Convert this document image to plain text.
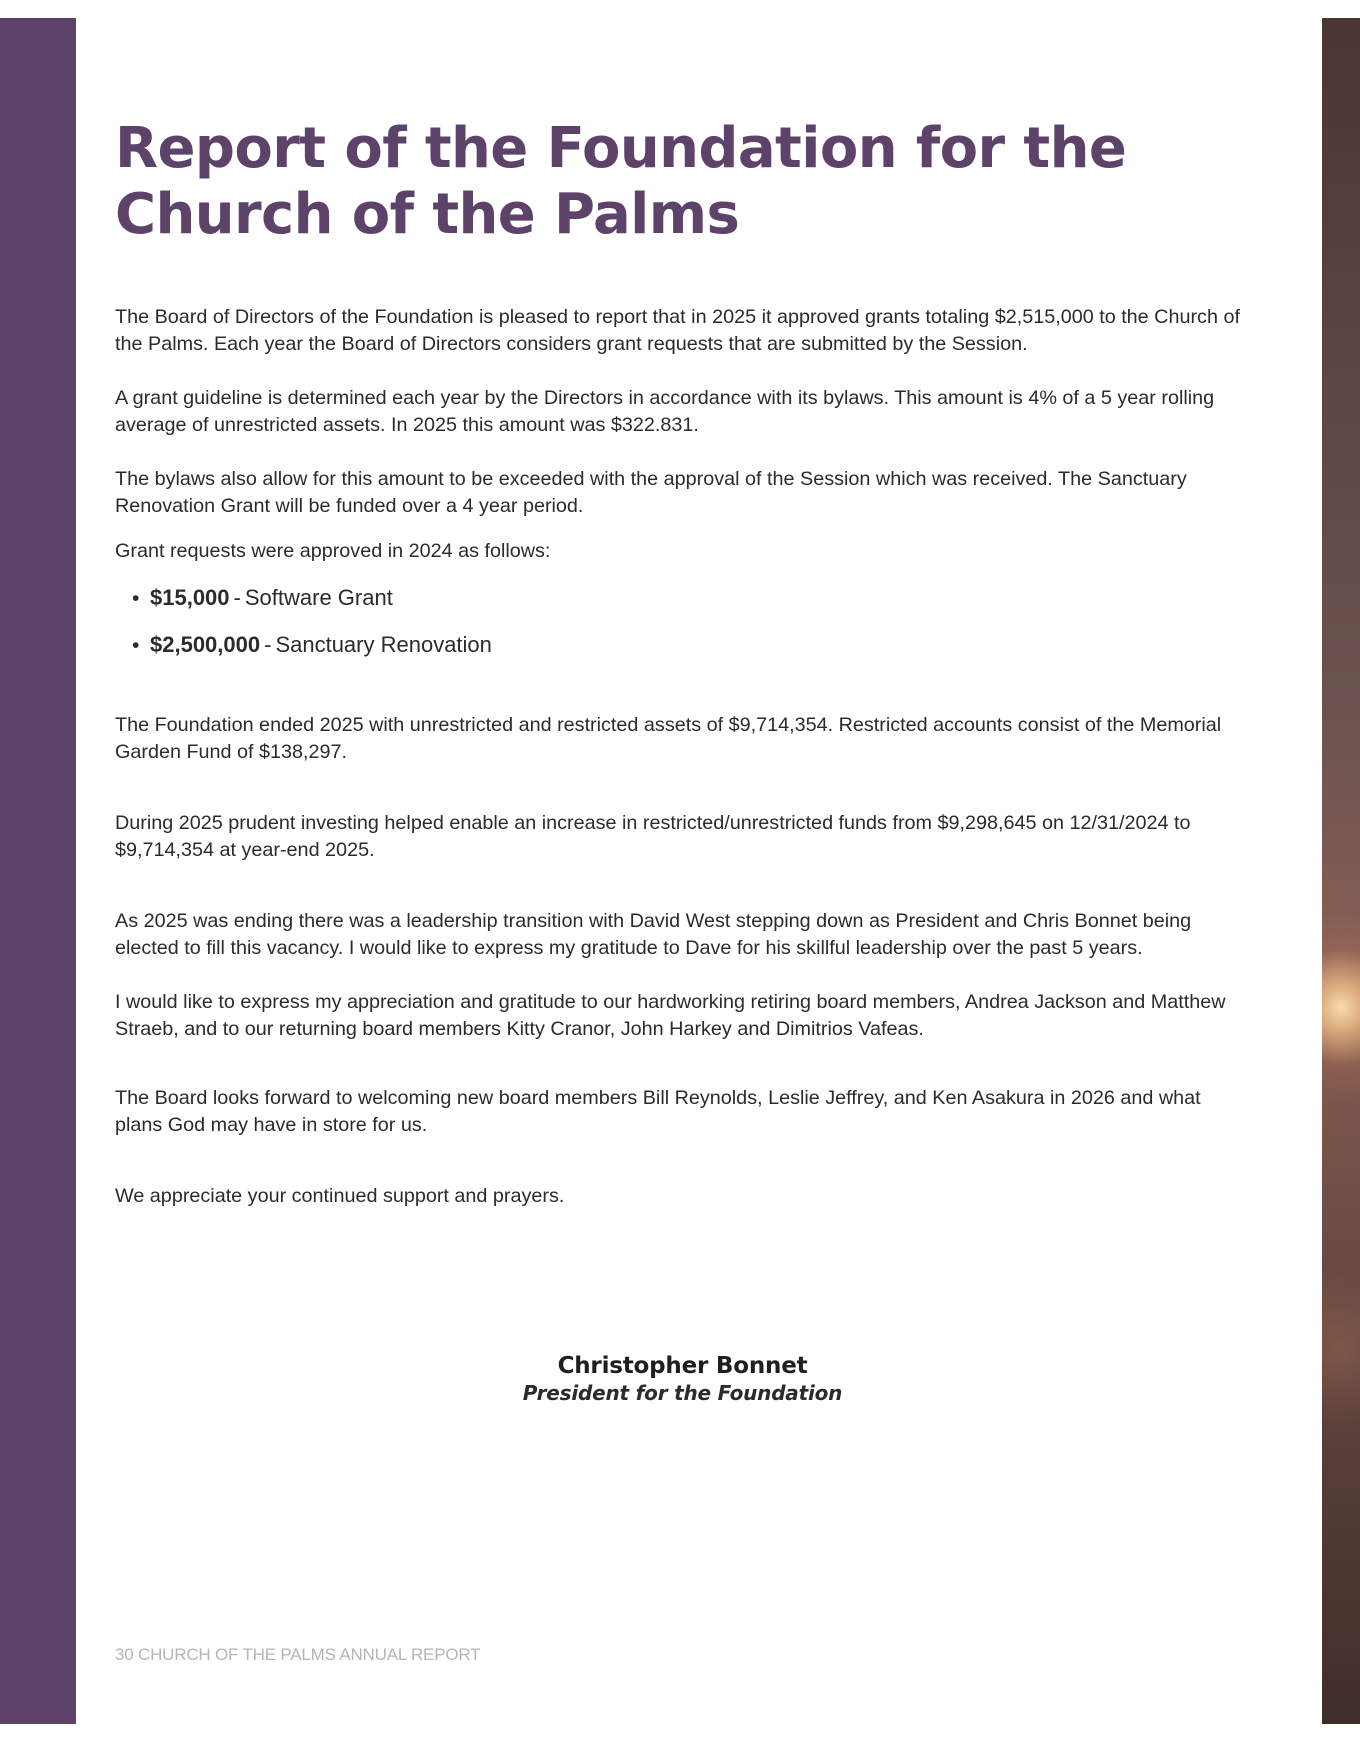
Report of the Foundation for the Church of the Palms

The Board of Directors of the Foundation is pleased to report that in 2025 it approved grants totaling $2,515,000 to the Church of the Palms. Each year the Board of Directors considers grant requests that are submitted by the Session.

A grant guideline is determined each year by the Directors in accordance with its bylaws. This amount is 4% of a 5 year rolling average of unrestricted assets. In 2025 this amount was $322.831.

The bylaws also allow for this amount to be exceeded with the approval of the Session which was received. The Sanctuary Renovation Grant will be funded over a 4 year period.

Grant requests were approved in 2024 as follows:

• $15,000 - Software Grant
• $2,500,000 - Sanctuary Renovation

The Foundation ended 2025 with unrestricted and restricted assets of $9,714,354. Restricted accounts consist of the Memorial Garden Fund of $138,297.

During 2025 prudent investing helped enable an increase in restricted/unrestricted funds from $9,298,645 on 12/31/2024 to $9,714,354 at year-end 2025.

As 2025 was ending there was a leadership transition with David West stepping down as President and Chris Bonnet being elected to fill this vacancy. I would like to express my gratitude to Dave for his skillful leadership over the past 5 years.

I would like to express my appreciation and gratitude to our hardworking retiring board members, Andrea Jackson and Matthew Straeb, and to our returning board members Kitty Cranor, John Harkey and Dimitrios Vafeas.

The Board looks forward to welcoming new board members Bill Reynolds, Leslie Jeffrey, and Ken Asakura in 2026 and what plans God may have in store for us.

We appreciate your continued support and prayers.

Christopher Bonnet

President for the Foundation

30 CHURCH OF THE PALMS ANNUAL REPORT
